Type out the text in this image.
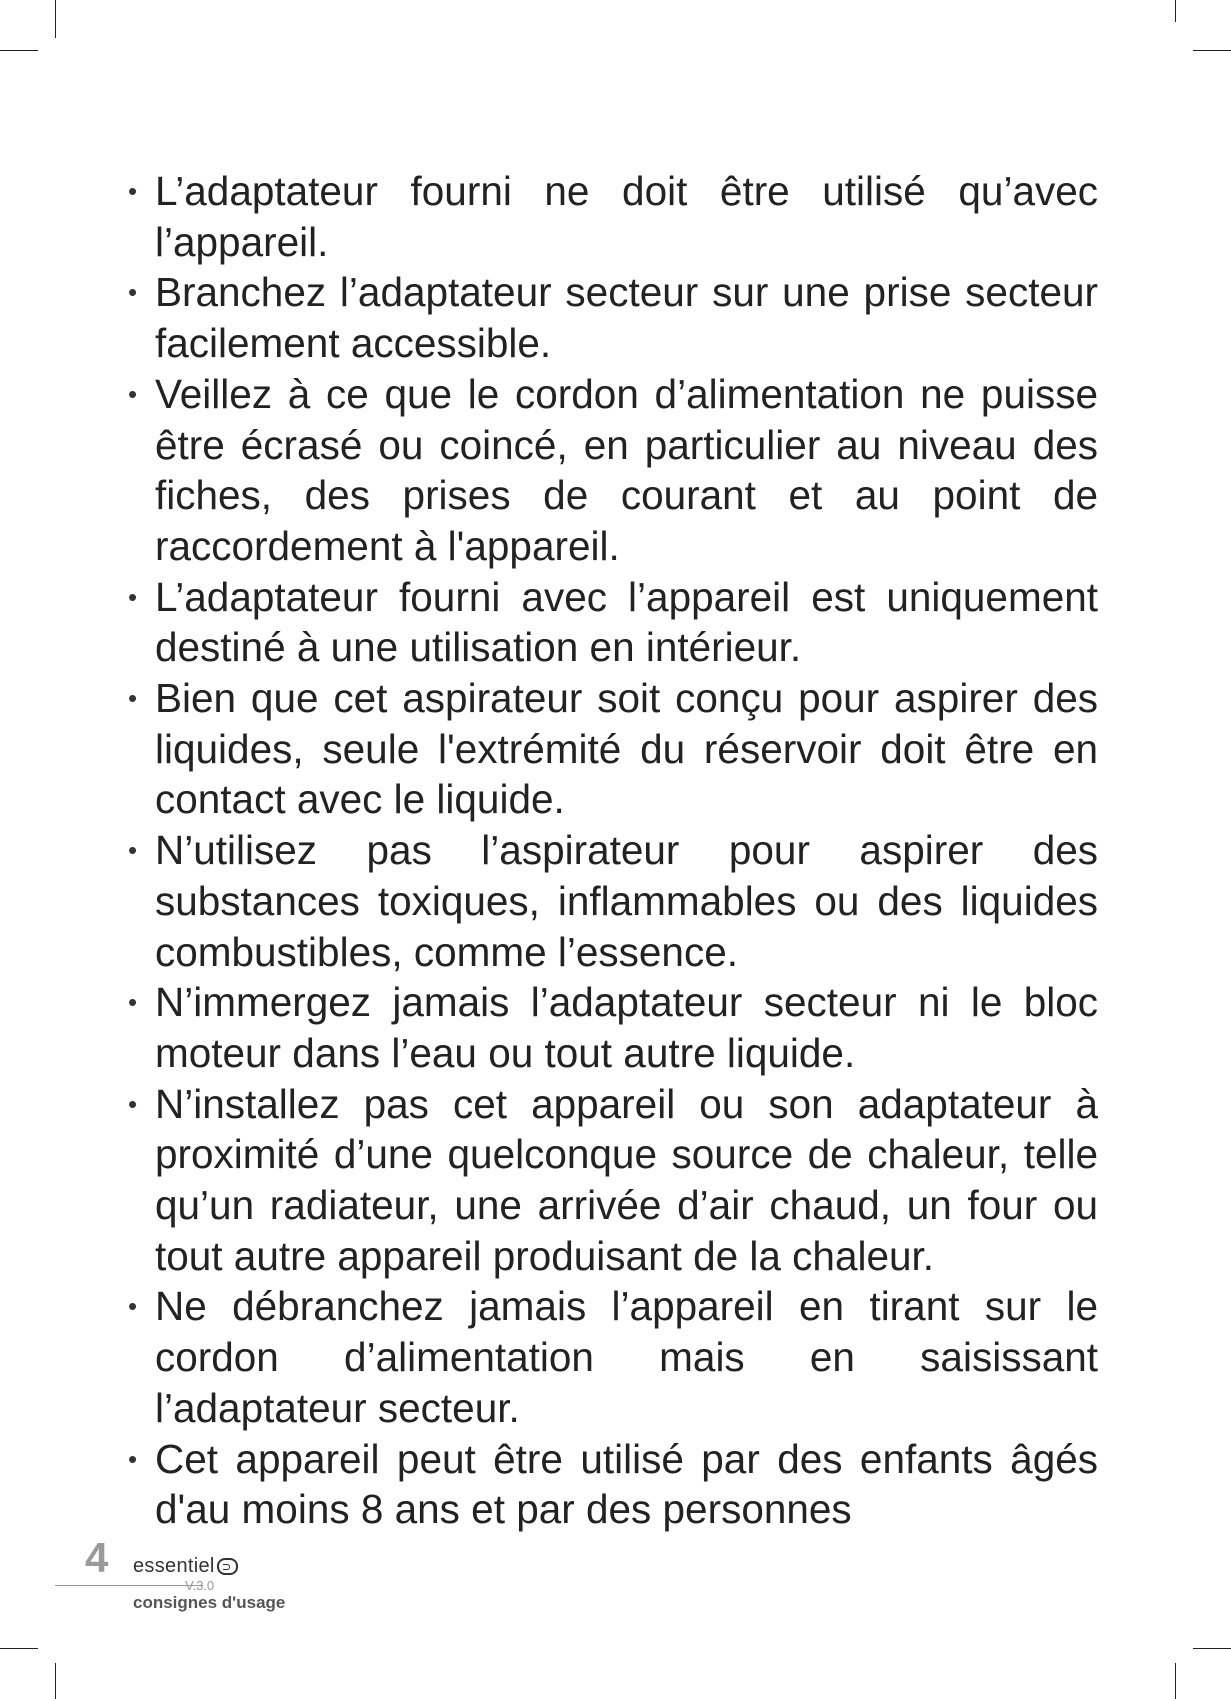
• L’adaptateur fourni ne doit être utilisé qu’avec l’appareil.
• Branchez l’adaptateur secteur sur une prise secteur facilement accessible.
• Veillez à ce que le cordon d’alimentation ne puisse être écrasé ou coincé, en particulier au niveau des fiches, des prises de courant et au point de raccordement à l'appareil.
• L’adaptateur fourni avec l’appareil est uniquement destiné à une utilisation en intérieur.
• Bien que cet aspirateur soit conçu pour aspirer des liquides, seule l'extrémité du réservoir doit être en contact avec le liquide.
• N’utilisez pas l’aspirateur pour aspirer des substances toxiques, inflammables ou des liquides combustibles, comme l’essence.
• N’immergez jamais l’adaptateur secteur ni le bloc moteur dans l’eau ou tout autre liquide.
• N’installez pas cet appareil ou son adaptateur à proximité d’une quelconque source de chaleur, telle qu’un radiateur, une arrivée d’air chaud, un four ou tout autre appareil produisant de la chaleur.
• Ne débranchez jamais l’appareil en tirant sur le cordon d’alimentation mais en saisissant l’adaptateur secteur.
• Cet appareil peut être utilisé par des enfants âgés d'au moins 8 ans et par des personnes
4 essentiel
V.3.0
consignes d'usage
